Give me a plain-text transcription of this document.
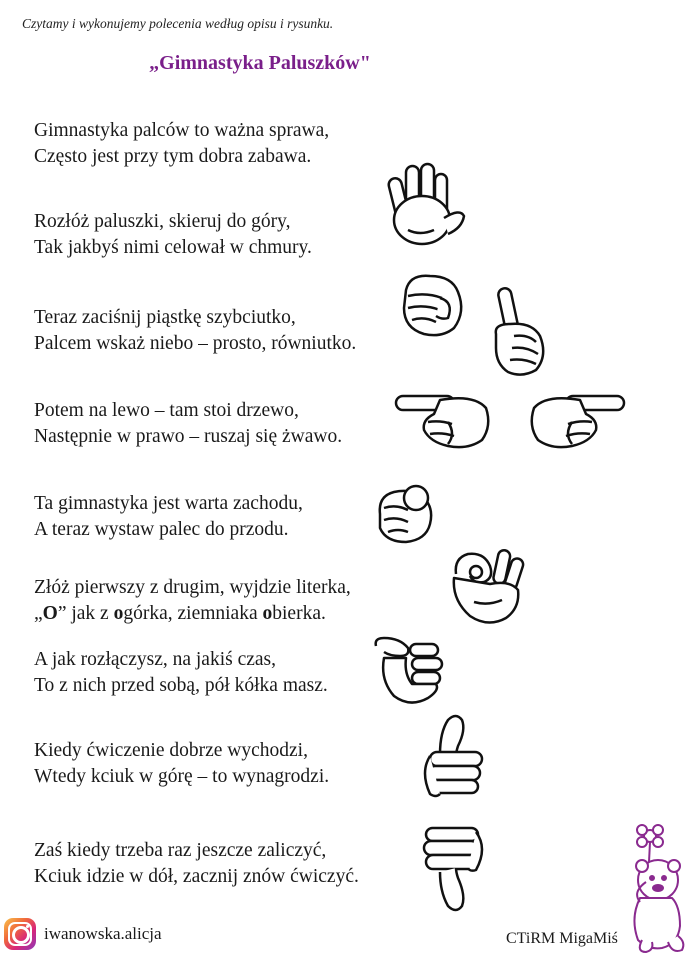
Czytamy i wykonujemy polecenia według opisu i rysunku.
„Gimnastyka Paluszków"
Gimnastyka palców to ważna sprawa,
Często jest przy tym dobra zabawa.
Rozłóż paluszki, skieruj do góry,
Tak jakbyś nimi celował w chmury.
Teraz zaciśnij piąstkę szybciutko,
Palcem wskaż niebo – prosto, równiutko.
Potem na lewo – tam stoi drzewo,
Następnie w prawo – ruszaj się żwawo.
Ta gimnastyka jest warta zachodu,
A teraz wystaw palec do przodu.
Złóż pierwszy z drugim, wyjdzie literka,
„O” jak z ogórka, ziemniaka obierka.
A jak rozłączysz, na jakiś czas,
To z nich przed sobą, pół kółka masz.
Kiedy ćwiczenie dobrze wychodzi,
Wtedy kciuk w górę – to wynagrodzi.
Zaś kiedy trzeba raz jeszcze zaliczyć,
Kciuk idzie w dół, zacznij znów ćwiczyć.
iwanowska.alicja	CTiRM MigaMiś
